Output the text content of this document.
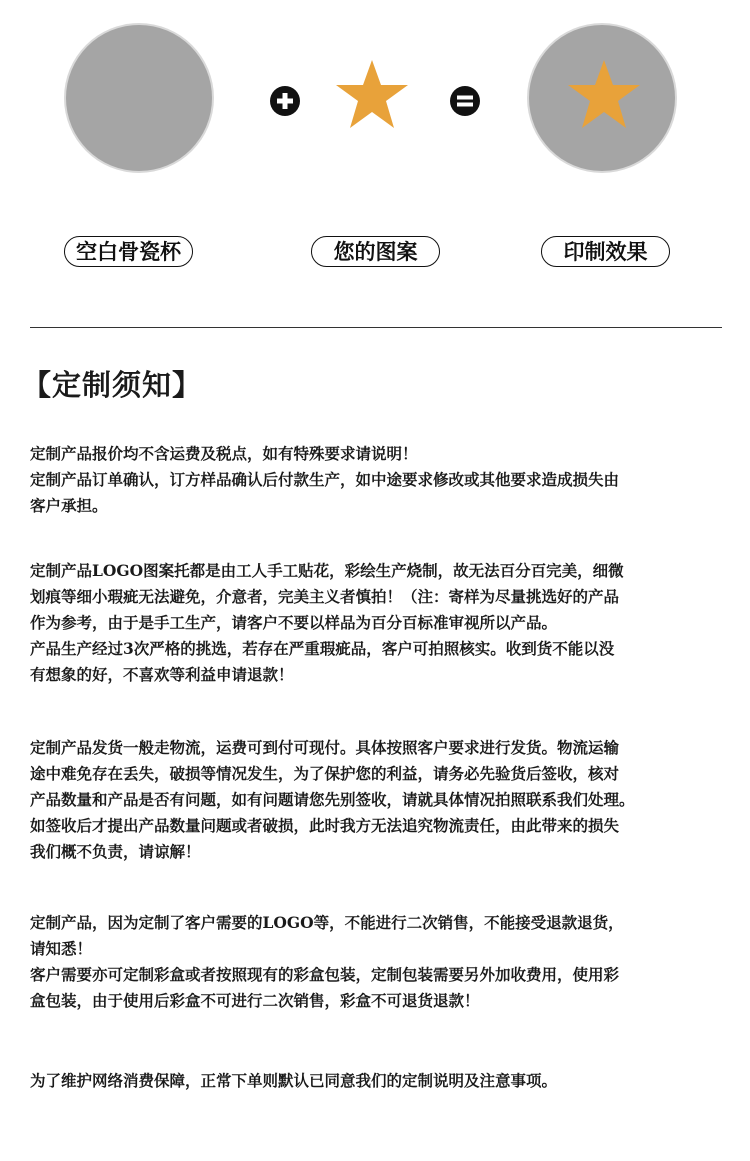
空白骨瓷杯	您的图案	印制效果
【定制须知】

定制产品报价均不含运费及税点，如有特殊要求请说明！

定制产品订单确认，订方样品确认后付款生产，如中途要求修改或其他要求造成损失由

客户承担。

定制产品LOGO图案托都是由工人手工贴花，彩绘生产烧制，故无法百分百完美，细微

划痕等细小瑕疵无法避免，介意者，完美主义者慎拍！（注：寄样为尽量挑选好的产品

作为参考，由于是手工生产，请客户不要以样品为百分百标准审视所以产品。

产品生产经过3次严格的挑选，若存在严重瑕疵品，客户可拍照核实。收到货不能以没

有想象的好，不喜欢等利益申请退款！

定制产品发货一般走物流，运费可到付可现付。具体按照客户要求进行发货。物流运输

途中难免存在丢失，破损等情况发生，为了保护您的利益，请务必先验货后签收，核对

产品数量和产品是否有问题，如有问题请您先别签收，请就具体情况拍照联系我们处理。

如签收后才提出产品数量问题或者破损，此时我方无法追究物流责任，由此带来的损失

我们概不负责，请谅解！

定制产品，因为定制了客户需要的LOGO等，不能进行二次销售，不能接受退款退货，

请知悉！

客户需要亦可定制彩盒或者按照现有的彩盒包装，定制包装需要另外加收费用，使用彩

盒包装，由于使用后彩盒不可进行二次销售，彩盒不可退货退款！

为了维护网络消费保障，正常下单则默认已同意我们的定制说明及注意事项。
